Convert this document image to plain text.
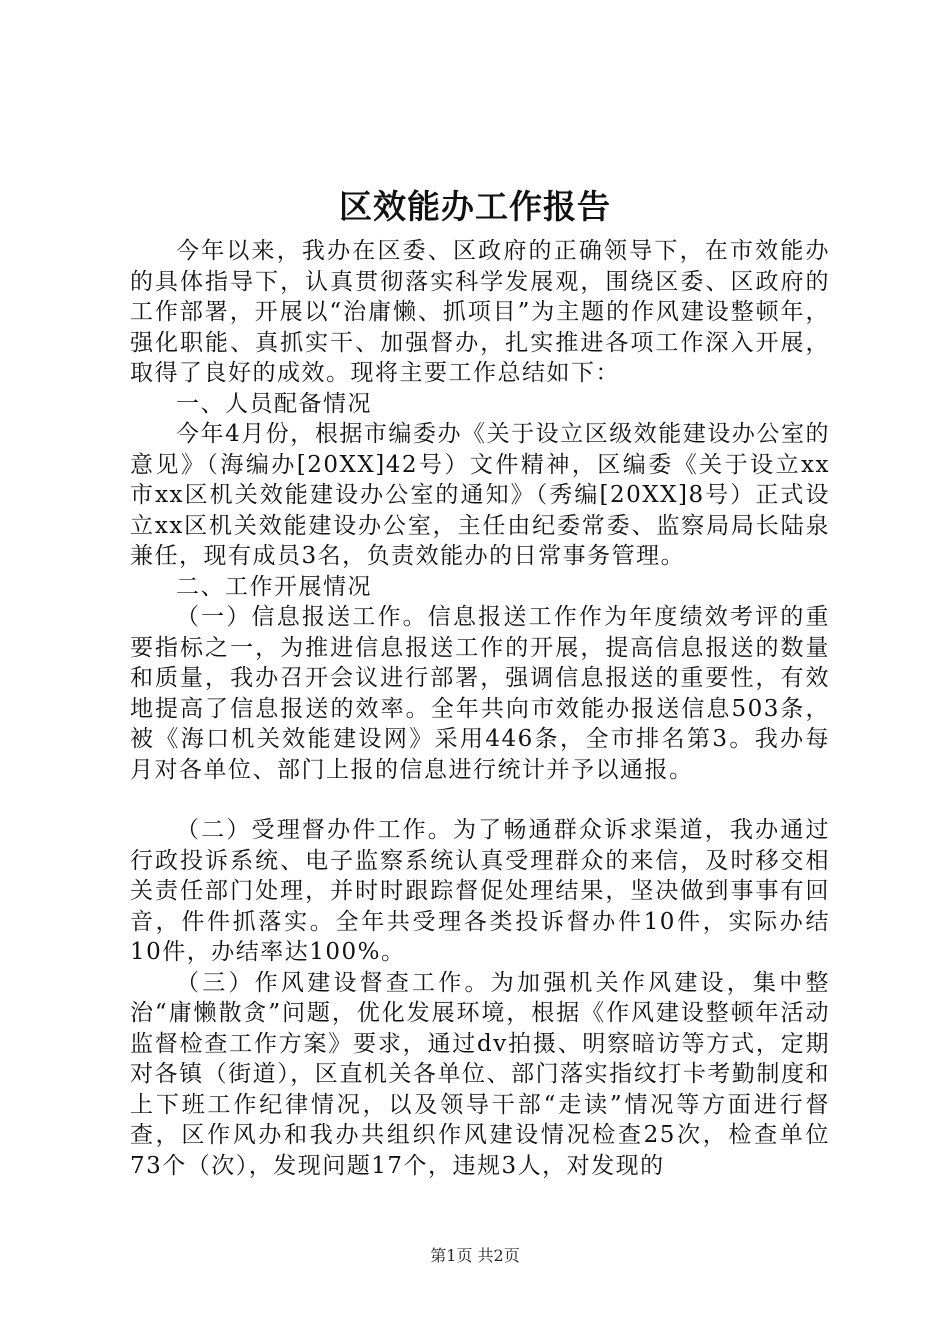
区效能办工作报告

今年以来，我办在区委、区政府的正确领导下，在市效能办的具体指导下，认真贯彻落实科学发展观，围绕区委、区政府的工作部署，开展以“治庸懒、抓项目”为主题的作风建设整顿年，强化职能、真抓实干、加强督办，扎实推进各项工作深入开展，取得了良好的成效。现将主要工作总结如下：

一、人员配备情况

今年4月份，根据市编委办《关于设立区级效能建设办公室的意见》（海编办[20XX]42号）文件精神，区编委《关于设立xx市xx区机关效能建设办公室的通知》（秀编[20XX]8号）正式设立xx区机关效能建设办公室，主任由纪委常委、监察局局长陆泉兼任，现有成员3名，负责效能办的日常事务管理。

二、工作开展情况

（一）信息报送工作。信息报送工作作为年度绩效考评的重要指标之一，为推进信息报送工作的开展，提高信息报送的数量和质量，我办召开会议进行部署，强调信息报送的重要性，有效地提高了信息报送的效率。全年共向市效能办报送信息503条，被《海口机关效能建设网》采用446条，全市排名第3。我办每月对各单位、部门上报的信息进行统计并予以通报。

（二）受理督办件工作。为了畅通群众诉求渠道，我办通过行政投诉系统、电子监察系统认真受理群众的来信，及时移交相关责任部门处理，并时时跟踪督促处理结果，坚决做到事事有回音，件件抓落实。全年共受理各类投诉督办件10件，实际办结10件，办结率达100%。

（三）作风建设督查工作。为加强机关作风建设，集中整治“庸懒散贪”问题，优化发展环境，根据《作风建设整顿年活动监督检查工作方案》要求，通过dv拍摄、明察暗访等方式，定期对各镇（街道），区直机关各单位、部门落实指纹打卡考勤制度和上下班工作纪律情况，以及领导干部“走读”情况等方面进行督查，区作风办和我办共组织作风建设情况检查25次，检查单位73个（次），发现问题17个，违规3人，对发现的

第1页 共2页
